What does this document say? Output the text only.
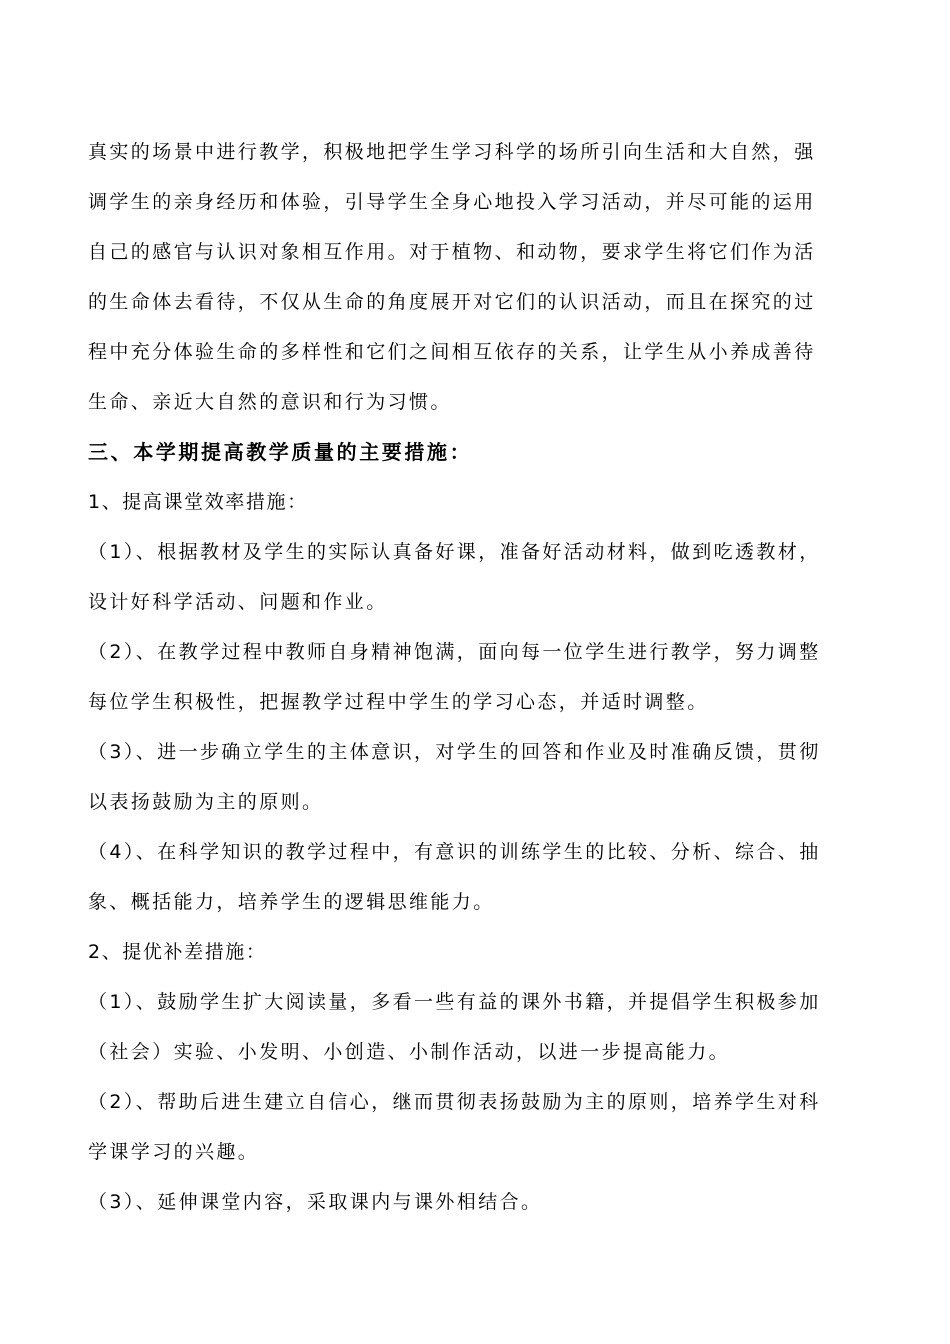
真实的场景中进行教学，积极地把学生学习科学的场所引向生活和大自然，强
调学生的亲身经历和体验，引导学生全身心地投入学习活动，并尽可能的运用
自己的感官与认识对象相互作用。对于植物、和动物，要求学生将它们作为活
的生命体去看待，不仅从生命的角度展开对它们的认识活动，而且在探究的过
程中充分体验生命的多样性和它们之间相互依存的关系，让学生从小养成善待
生命、亲近大自然的意识和行为习惯。
三、本学期提高教学质量的主要措施：
1、提高课堂效率措施：
（1）、根据教材及学生的实际认真备好课，准备好活动材料，做到吃透教材，
设计好科学活动、问题和作业。
（2）、在教学过程中教师自身精神饱满，面向每一位学生进行教学，努力调整
每位学生积极性，把握教学过程中学生的学习心态，并适时调整。
（3）、进一步确立学生的主体意识，对学生的回答和作业及时准确反馈，贯彻
以表扬鼓励为主的原则。
（4）、在科学知识的教学过程中，有意识的训练学生的比较、分析、综合、抽
象、概括能力，培养学生的逻辑思维能力。
2、提优补差措施：
（1）、鼓励学生扩大阅读量，多看一些有益的课外书籍，并提倡学生积极参加
（社会）实验、小发明、小创造、小制作活动，以进一步提高能力。
（2）、帮助后进生建立自信心，继而贯彻表扬鼓励为主的原则，培养学生对科
学课学习的兴趣。
（3）、延伸课堂内容，采取课内与课外相结合。
